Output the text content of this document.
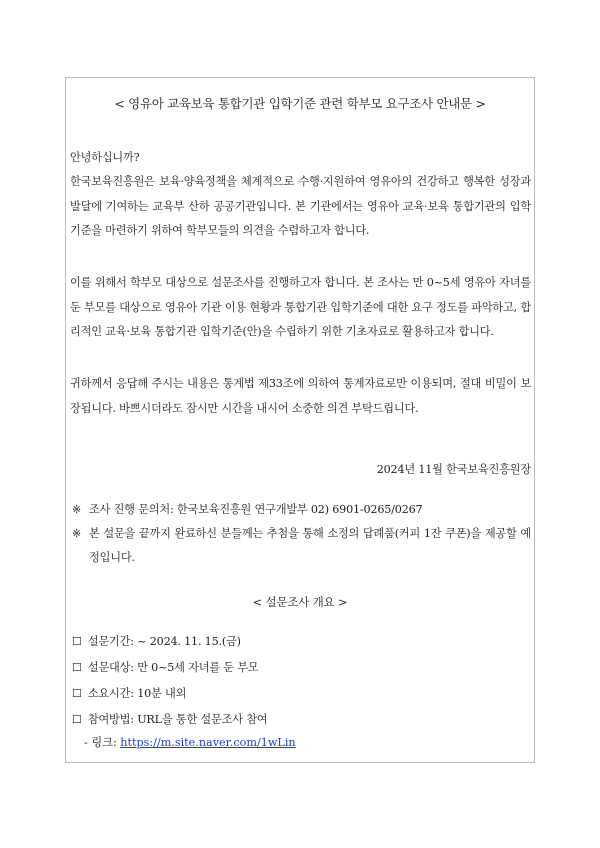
< 영유아 교육보육 통합기관 입학기준 관련 학부모 요구조사 안내문 >
안녕하십니까?
한국보육진흥원은 보육·양육정책을 체계적으로 수행·지원하여 영유아의 건강하고 행복한 성장과 발달에 기여하는 교육부 산하 공공기관입니다. 본 기관에서는 영유아 교육·보육 통합기관의 입학기준을 마련하기 위하여 학부모들의 의견을 수렴하고자 합니다.
이를 위해서 학부모 대상으로 설문조사를 진행하고자 합니다. 본 조사는 만 0~5세 영유아 자녀를 둔 부모를 대상으로 영유아 기관 이용 현황과 통합기관 입학기준에 대한 요구 정도를 파악하고, 합리적인 교육·보육 통합기관 입학기준(안)을 수립하기 위한 기초자료로 활용하고자 합니다.
귀하께서 응답해 주시는 내용은 통계법 제33조에 의하여 통계자료로만 이용되며, 절대 비밀이 보장됩니다. 바쁘시더라도 잠시만 시간을 내시어 소중한 의견 부탁드립니다.
2024년 11월 한국보육진흥원장
※ 조사 진행 문의처: 한국보육진흥원 연구개발부 02) 6901-0265/0267
※ 본 설문을 끝까지 완료하신 분들께는 추첨을 통해 소정의 답례품(커피 1잔 쿠폰)을 제공할 예정입니다.
< 설문조사 개요 >
☐ 설문기간: ~ 2024. 11. 15.(금)
☐ 설문대상: 만 0~5세 자녀를 둔 부모
☐ 소요시간: 10분 내외
☐ 참여방법: URL을 통한 설문조사 참여
- 링크: https://m.site.naver.com/1wLin
